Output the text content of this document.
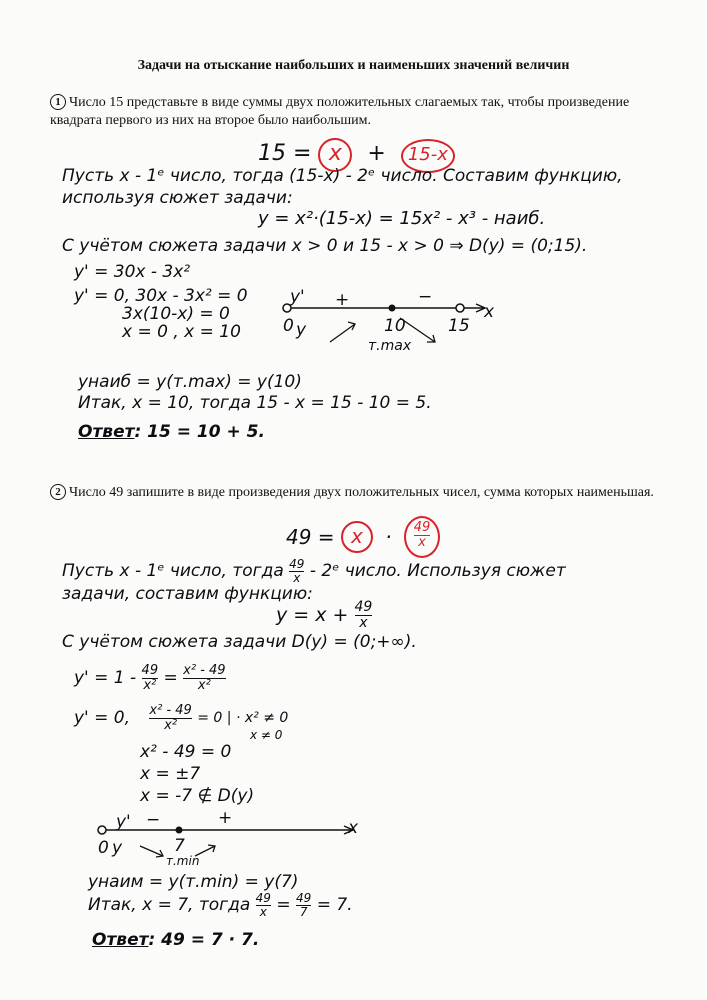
Задачи на отыскание наибольших и наименьших значений величин
1 Число 15 представьте в виде суммы двух положительных слагаемых так, чтобы произведение квадрата первого из них на второе было наибольшим.
15 = x + 15-x
Пусть x - 1ᵉ число, тогда (15-x) - 2ᵉ число. Составим функцию,
используя сюжет задачи:
y = x²·(15-x) = 15x² - x³ - наиб.
С учётом сюжета задачи x > 0 и 15 - x > 0 ⇒ D(y) = (0;15).
y' = 30x - 3x²
y' = 0, 30x - 3x² = 0
3x(10-x) = 0
x = 0 , x = 10
y' +	−
0 y	10 15
x
т.max
yнаиб = y(т.max) = y(10)
Итак, x = 10, тогда 15 - x = 15 - 10 = 5.
Ответ: 15 = 10 + 5.
2 Число 49 запишите в виде произведения двух положительных чисел, сумма которых наименьшая.
$49 = x \cdot \frac{49}{x}$
Пусть x - 1ᵉ число, тогда $\frac{49}{x}$ - 2ᵉ число. Используя сюжет
задачи, составим функцию:
$y = x + \frac{49}{x}$
С учётом сюжета задачи D(y) = (0;+∞).
$y' = 1 - \frac{49}{\text{x²}} = \frac{\text{x² - 49}}{\text{x²}}$
y' = 0, $\frac{\text{x² - 49}}{\text{x²}} = 0$ | · x² ≠ 0
x ≠ 0
x² - 49 = 0
x = ±7
x = -7 ∉ D(y)
y' −	+
0 y	7
x
т.min
yнаим = y(т.min) = y(7)
Итак, x = 7, тогда $\frac{49}{x} = \frac{49}{7} = 7$.
Ответ: 49 = 7 · 7.
